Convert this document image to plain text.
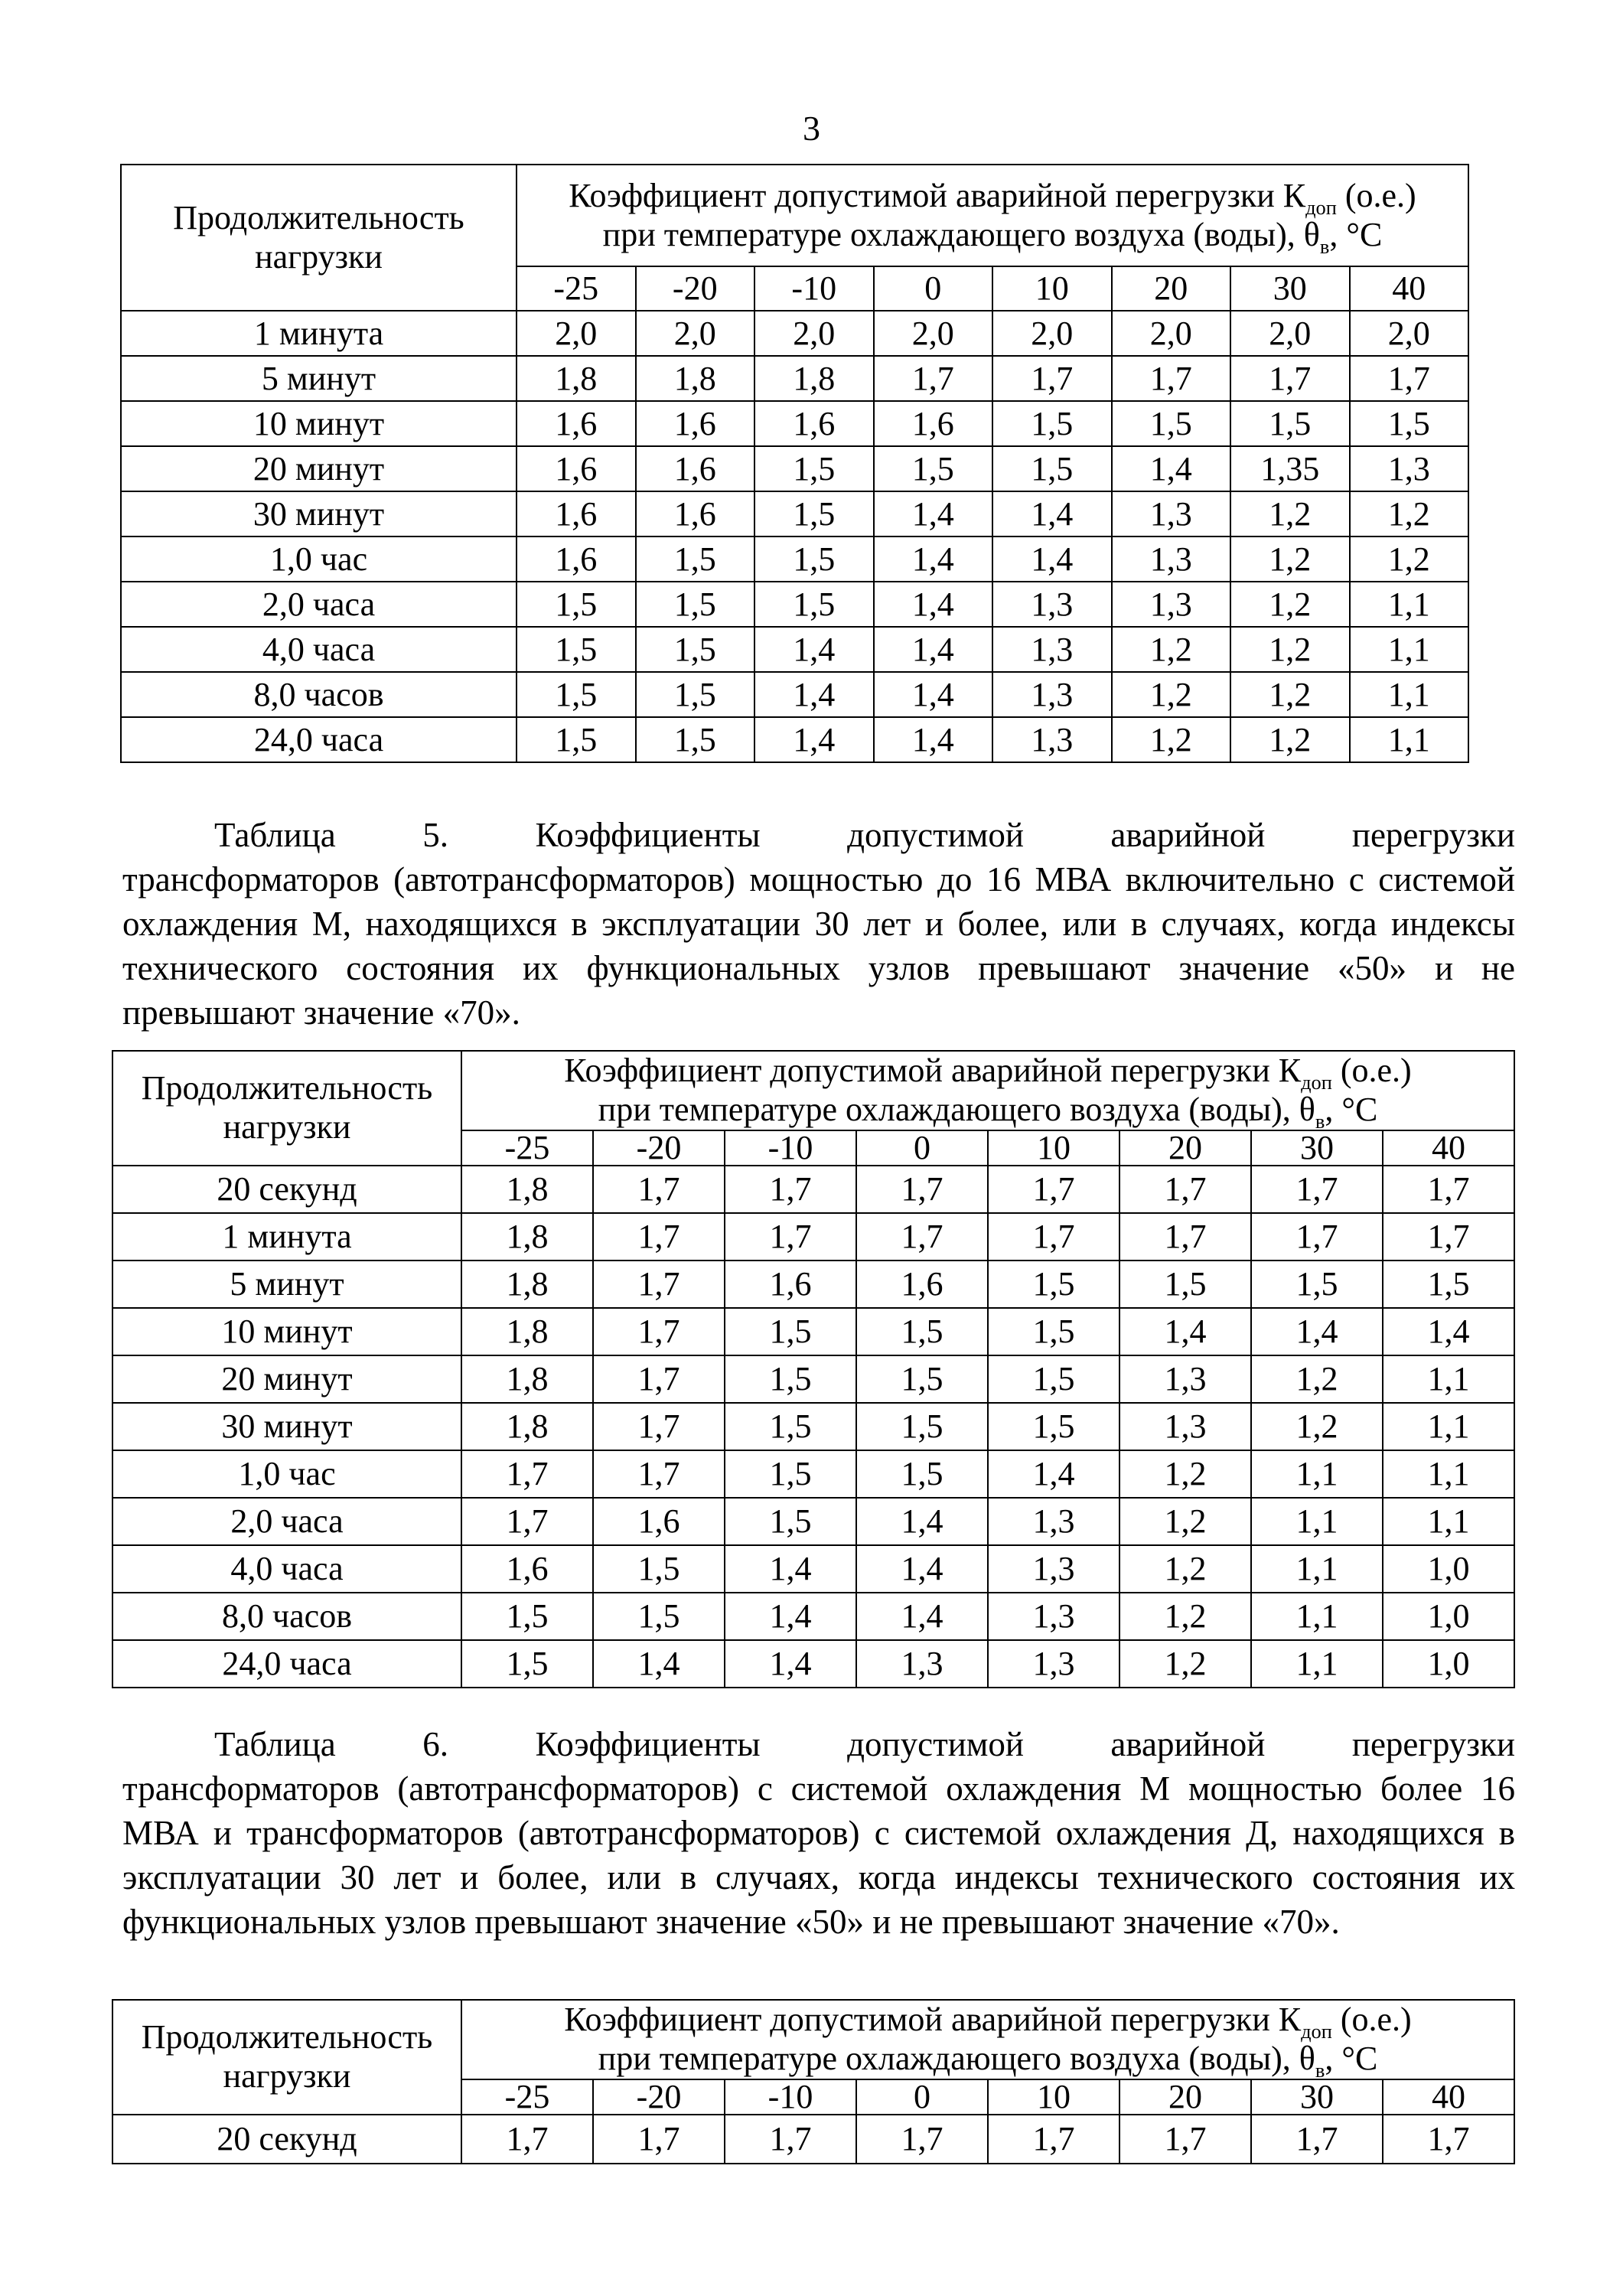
3
Продолжительность нагрузки	Коэффициент допустимой аварийной перегрузки $К_{доп}$ (о.е.)
при температуре охлаждающего воздуха (воды), $\theta_в$, °С							
	-25	-20	-10	0	10	20	30	40
1 минута	2,0	2,0	2,0	2,0	2,0	2,0	2,0	2,0
5 минут	1,8	1,8	1,8	1,7	1,7	1,7	1,7	1,7
10 минут	1,6	1,6	1,6	1,6	1,5	1,5	1,5	1,5
20 минут	1,6	1,6	1,5	1,5	1,5	1,4	1,35	1,3
30 минут	1,6	1,6	1,5	1,4	1,4	1,3	1,2	1,2
1,0 час	1,6	1,5	1,5	1,4	1,4	1,3	1,2	1,2
2,0 часа	1,5	1,5	1,5	1,4	1,3	1,3	1,2	1,1
4,0 часа	1,5	1,5	1,4	1,4	1,3	1,2	1,2	1,1
8,0 часов	1,5	1,5	1,4	1,4	1,3	1,2	1,2	1,1
24,0 часа	1,5	1,5	1,4	1,4	1,3	1,2	1,2	1,1
Таблица 5. Коэффициенты допустимой аварийной перегрузки
трансформаторов (автотрансформаторов) мощностью до 16 МВА включительно с системой охлаждения М, находящихся в эксплуатации 30 лет и более, или в случаях, когда индексы технического состояния их функциональных узлов превышают значение «50» и не превышают значение «70».
Продолжительность нагрузки	Коэффициент допустимой аварийной перегрузки $К_{доп}$ (о.е.)
при температуре охлаждающего воздуха (воды), $\theta_в$, °С							
	-25	-20	-10	0	10	20	30	40
20 секунд	1,8	1,7	1,7	1,7	1,7	1,7	1,7	1,7
1 минута	1,8	1,7	1,7	1,7	1,7	1,7	1,7	1,7
5 минут	1,8	1,7	1,6	1,6	1,5	1,5	1,5	1,5
10 минут	1,8	1,7	1,5	1,5	1,5	1,4	1,4	1,4
20 минут	1,8	1,7	1,5	1,5	1,5	1,3	1,2	1,1
30 минут	1,8	1,7	1,5	1,5	1,5	1,3	1,2	1,1
1,0 час	1,7	1,7	1,5	1,5	1,4	1,2	1,1	1,1
2,0 часа	1,7	1,6	1,5	1,4	1,3	1,2	1,1	1,1
4,0 часа	1,6	1,5	1,4	1,4	1,3	1,2	1,1	1,0
8,0 часов	1,5	1,5	1,4	1,4	1,3	1,2	1,1	1,0
24,0 часа	1,5	1,4	1,4	1,3	1,3	1,2	1,1	1,0
Таблица 6. Коэффициенты допустимой аварийной перегрузки
трансформаторов (автотрансформаторов) с системой охлаждения М мощностью более 16 МВА и трансформаторов (автотрансформаторов) с системой охлаждения Д, находящихся в эксплуатации 30 лет и более, или в случаях, когда индексы технического состояния их функциональных узлов превышают значение «50» и не превышают значение «70».
Продолжительность нагрузки	Коэффициент допустимой аварийной перегрузки $К_{доп}$ (о.е.)
при температуре охлаждающего воздуха (воды), $\theta_в$, °С							
	-25	-20	-10	0	10	20	30	40
20 секунд	1,7	1,7	1,7	1,7	1,7	1,7	1,7	1,7
